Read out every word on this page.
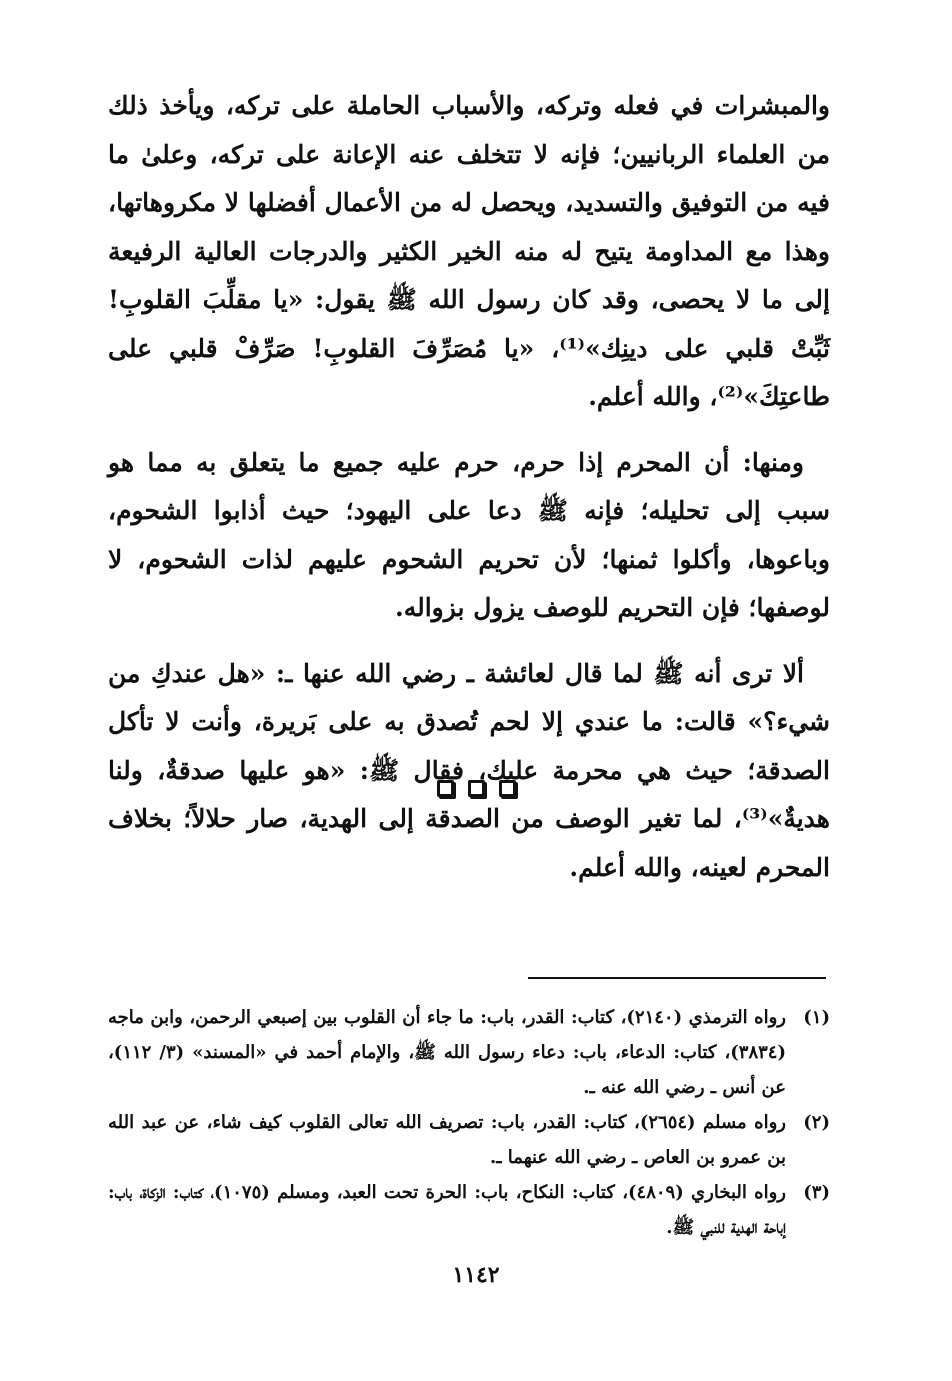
والمبشرات في فعله وتركه، والأسباب الحاملة على تركه، ويأخذ ذلك من العلماء الربانيين؛ فإنه لا تتخلف عنه الإعانة على تركه، وعلىٰ ما فيه من التوفيق والتسديد، ويحصل له من الأعمال أفضلها لا مكروهاتها، وهذا مع المداومة يتيح له منه الخير الكثير والدرجات العالية الرفيعة إلى ما لا يحصى، وقد كان رسول الله ﷺ يقول: «يا مقلِّبَ القلوبِ! ثَبِّتْ قلبي على دينِك»⁽¹⁾، «يا مُصَرِّفَ القلوبِ! صَرِّفْ قلبي على طاعتِكَ»⁽²⁾، والله أعلم.

ومنها: أن المحرم إذا حرم، حرم عليه جميع ما يتعلق به مما هو سبب إلى تحليله؛ فإنه ﷺ دعا على اليهود؛ حيث أذابوا الشحوم، وباعوها، وأكلوا ثمنها؛ لأن تحريم الشحوم عليهم لذات الشحوم، لا لوصفها؛ فإن التحريم للوصف يزول بزواله.

ألا ترى أنه ﷺ لما قال لعائشة ـ رضي الله عنها ـ: «هل عندكِ من شيء؟» قالت: ما عندي إلا لحم تُصدق به على بَريرة، وأنت لا تأكل الصدقة؛ حيث هي محرمة عليك، فقال ﷺ: «هو عليها صدقةٌ، ولنا هديةٌ»⁽³⁾، لما تغير الوصف من الصدقة إلى الهدية، صار حلالاً؛ بخلاف المحرم لعينه، والله أعلم.

(١)
رواه الترمذي (٢١٤٠)، كتاب: القدر، باب: ما جاء أن القلوب بين إصبعي الرحمن، وابن ماجه (٣٨٣٤)، كتاب: الدعاء، باب: دعاء رسول الله ﷺ، والإمام أحمد في «المسند» (٣/ ١١٢)، عن أنس ـ رضي الله عنه ـ.
(٢)
رواه مسلم (٢٦٥٤)، كتاب: القدر، باب: تصريف الله تعالى القلوب كيف شاء، عن عبد الله بن عمرو بن العاص ـ رضي الله عنهما ـ.
(٣)
رواه البخاري (٤٨٠٩)، كتاب: النكاح، باب: الحرة تحت العبد، ومسلم (١٠٧٥)، كتاب: الزكاة، باب: إباحة الهدية للنبي ﷺ.
١١٤٢
